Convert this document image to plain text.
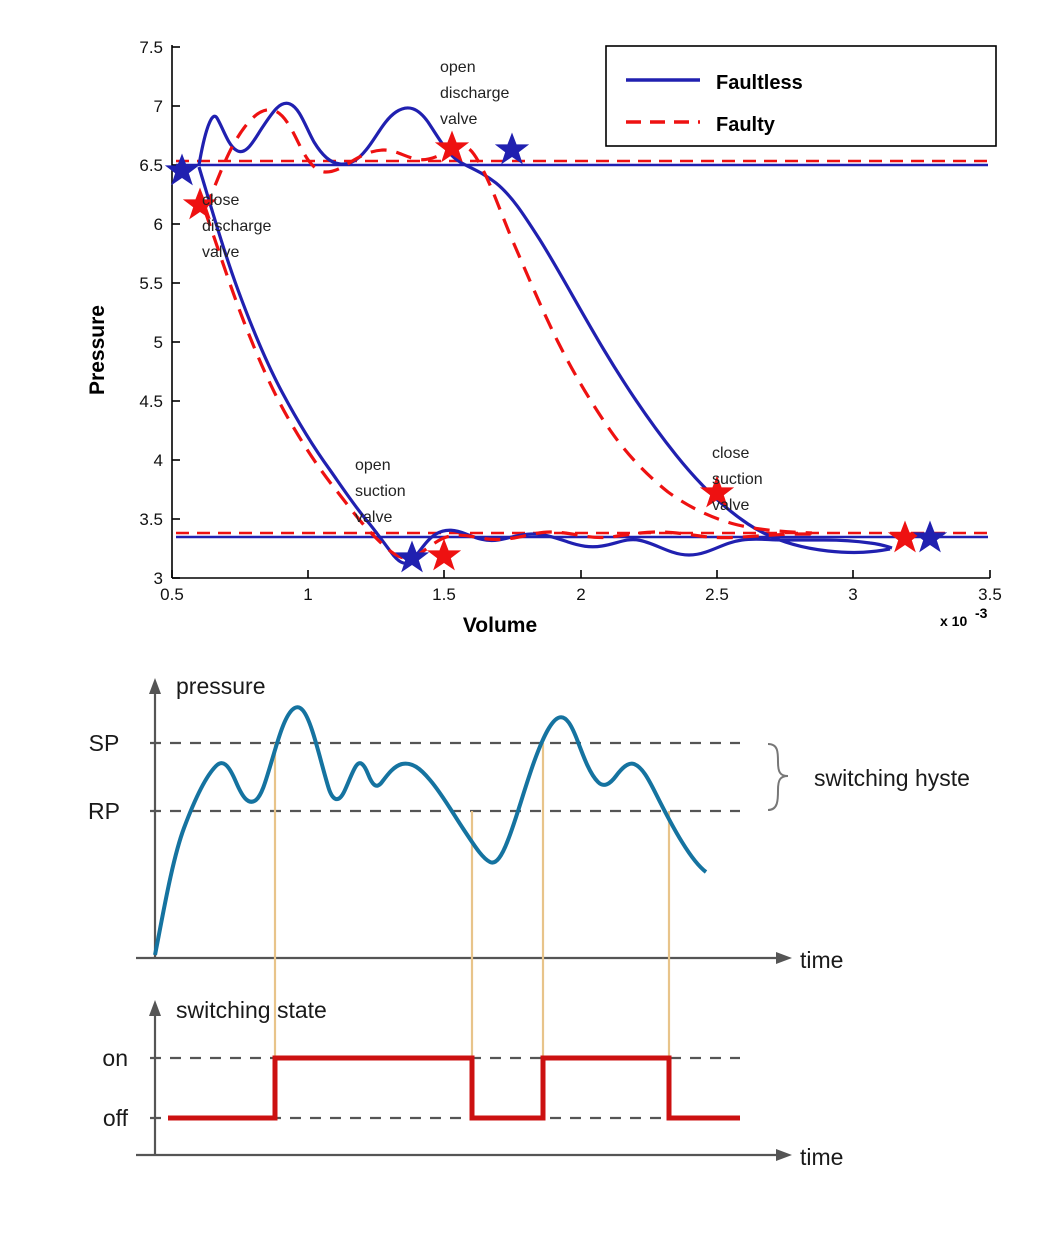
3
3.5
4
4.5
5
5.5
6
6.5
7
7.5
0.5	1	1.5	2	2.5	3	3.5
Volume
Pressure
x 10 -3
open
discharge
valve
close
discharge
valve
open
suction
valve
close
suction
valve
Faultless
Faulty
pressure
time
SP
RP
switching hyste
switching state
time
on
off
